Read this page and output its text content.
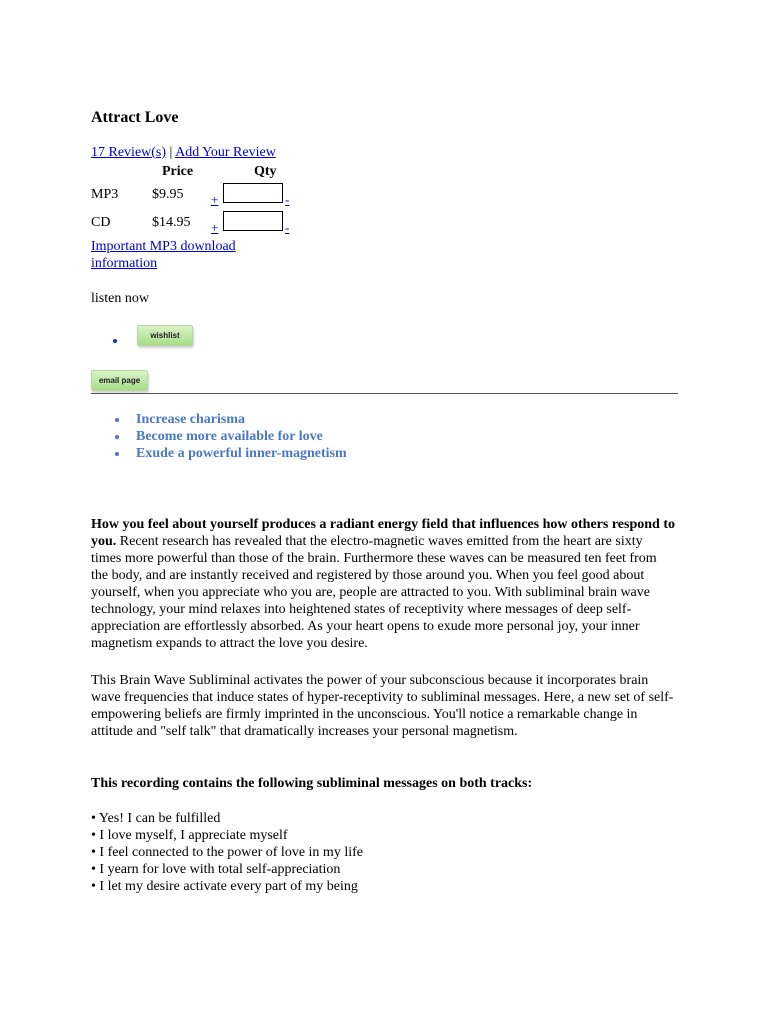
Attract Love
17 Review(s) | Add Your Review
Price	Qty
MP3 $9.95 +	-
CD	$14.95 +	-
Important MP3 download information
listen now
wishlist
email page
Increase charisma
Become more available for love
Exude a powerful inner-magnetism

How you feel about yourself produces a radiant energy field that influences how others respond to you. Recent research has revealed that the electro-magnetic waves emitted from the heart are sixty times more powerful than those of the brain. Furthermore these waves can be measured ten feet from the body, and are instantly received and registered by those around you. When you feel good about yourself, when you appreciate who you are, people are attracted to you. With subliminal brain wave technology, your mind relaxes into heightened states of receptivity where messages of deep self-appreciation are effortlessly absorbed. As your heart opens to exude more personal joy, your inner magnetism expands to attract the love you desire.

This Brain Wave Subliminal activates the power of your subconscious because it incorporates brain wave frequencies that induce states of hyper-receptivity to subliminal messages. Here, a new set of self-empowering beliefs are firmly imprinted in the unconscious. You'll notice a remarkable change in attitude and "self talk" that dramatically increases your personal magnetism.

This recording contains the following subliminal messages on both tracks:
• Yes! I can be fulfilled
• I love myself, I appreciate myself
• I feel connected to the power of love in my life
• I yearn for love with total self-appreciation
• I let my desire activate every part of my being
